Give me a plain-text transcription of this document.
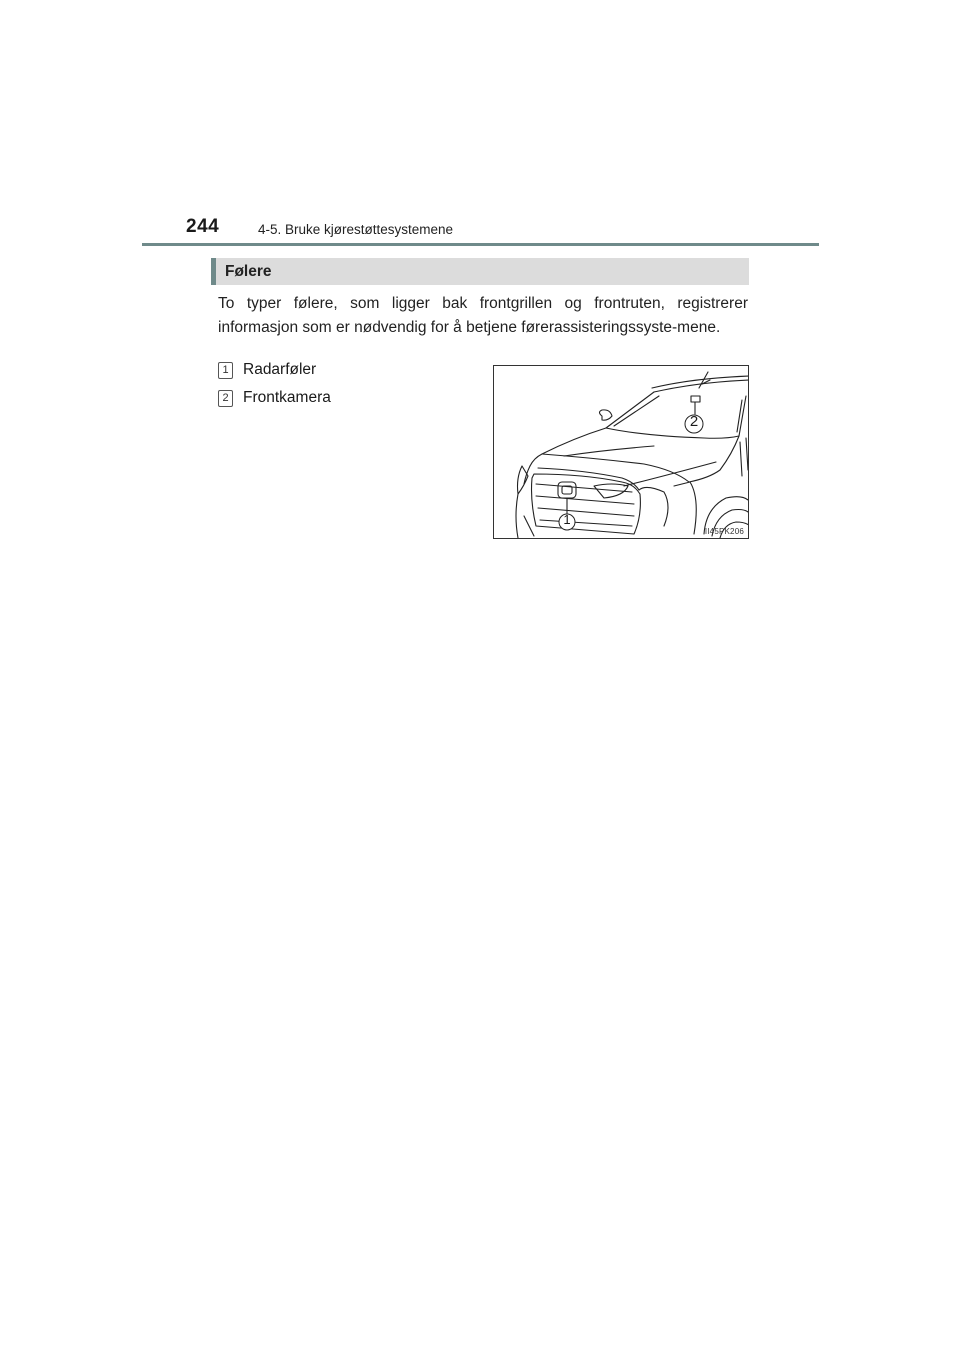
244	4-5. Bruke kjørestøttesystemene
Følere
To typer følere, som ligger bak frontgrillen og frontruten, registrerer informasjon som er nødvendig for å betjene førerassisteringssyste-mene.
1 Radarføler
2 Frontkamera
1
2
II45PK206
